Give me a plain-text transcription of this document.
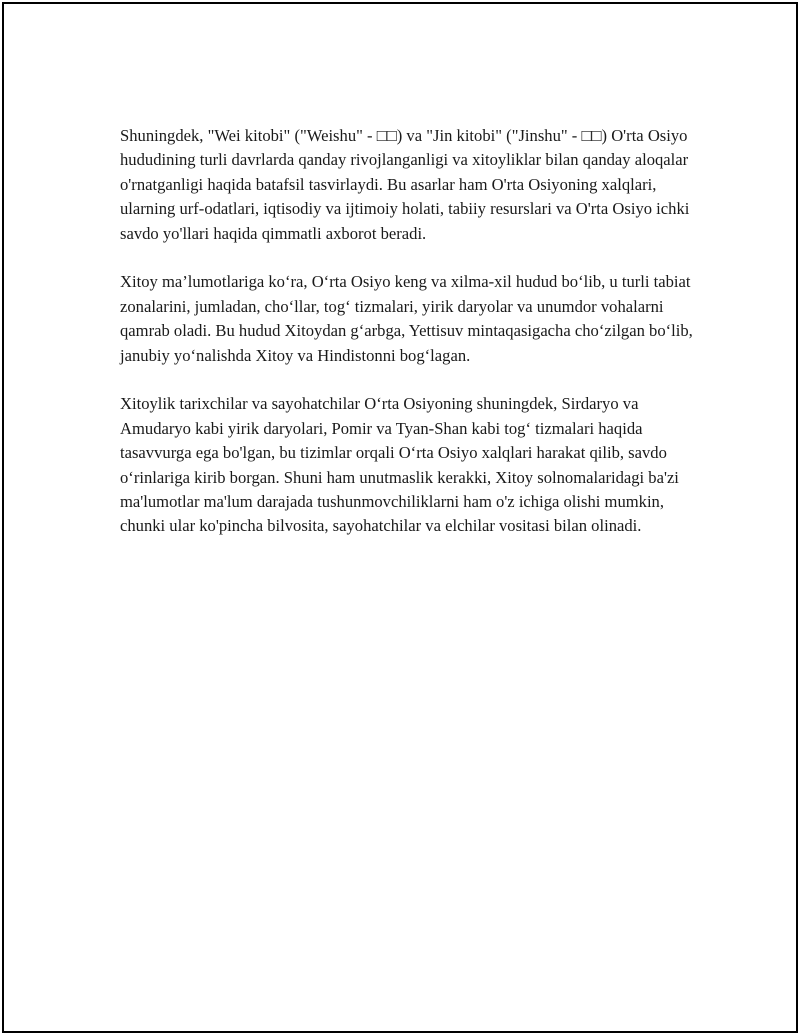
Shuningdek, "Wei kitobi" ("Weishu" - □□) va "Jin kitobi" ("Jinshu" - □□) O'rta Osiyo hududining turli davrlarda qanday rivojlanganligi va xitoyliklar bilan qanday aloqalar o'rnatganligi haqida batafsil tasvirlaydi. Bu asarlar ham O'rta Osiyoning xalqlari, ularning urf-odatlari, iqtisodiy va ijtimoiy holati, tabiiy resurslari va O'rta Osiyo ichki savdo yo'llari haqida qimmatli axborot beradi.

Xitoy ma’lumotlariga ko‘ra, O‘rta Osiyo keng va xilma-xil hudud bo‘lib, u turli tabiat zonalarini, jumladan, cho‘llar, tog‘ tizmalari, yirik daryolar va unumdor vohalarni qamrab oladi. Bu hudud Xitoydan g‘arbga, Yettisuv mintaqasigacha cho‘zilgan bo‘lib, janubiy yo‘nalishda Xitoy va Hindistonni bog‘lagan.

Xitoylik tarixchilar va sayohatchilar O‘rta Osiyoning shuningdek, Sirdaryo va Amudaryo kabi yirik daryolari, Pomir va Tyan-Shan kabi tog‘ tizmalari haqida tasavvurga ega bo'lgan, bu tizimlar orqali O‘rta Osiyo xalqlari harakat qilib, savdo o‘rinlariga kirib borgan. Shuni ham unutmaslik kerakki, Xitoy solnomalaridagi ba'zi ma'lumotlar ma'lum darajada tushunmovchiliklarni ham o'z ichiga olishi mumkin, chunki ular ko'pincha bilvosita, sayohatchilar va elchilar vositasi bilan olinadi.
